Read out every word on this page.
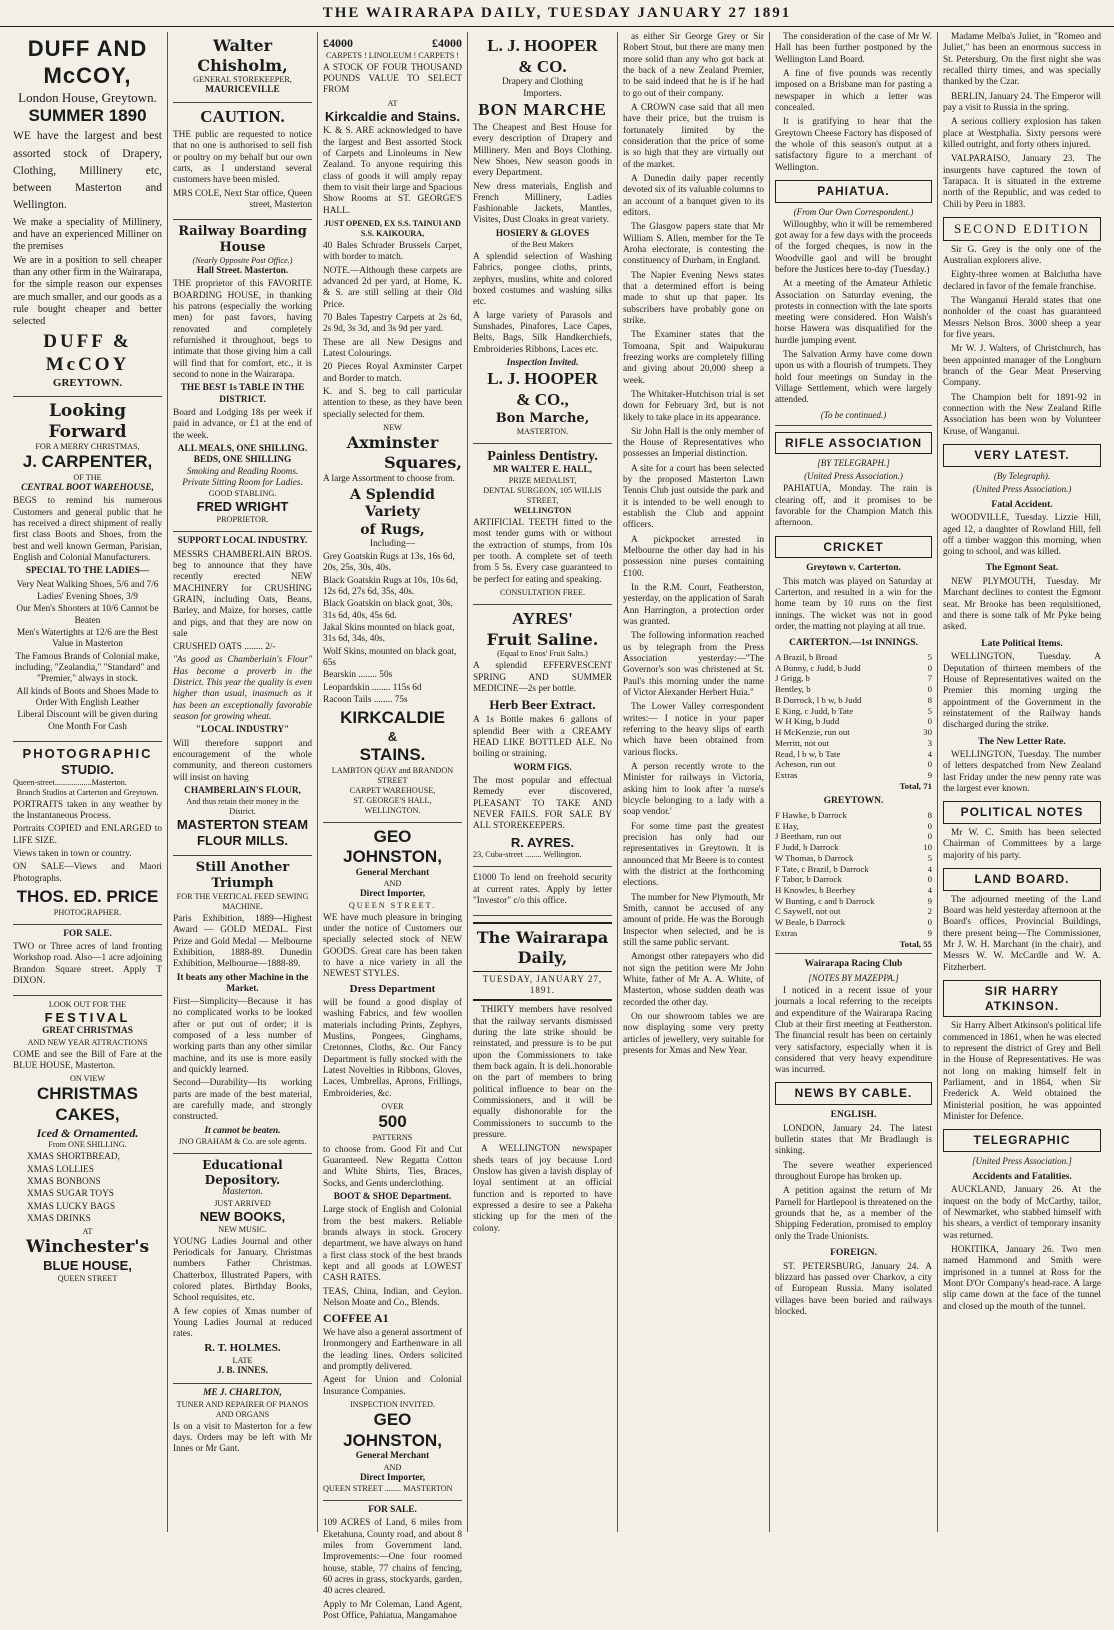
THE WAIRARAPA DAILY, TUESDAY JANUARY 27 1891
DUFF AND McCOY,
London House, Greytown.
SUMMER 1890

WE have the largest and best assorted stock of Drapery, Clothing, Millinery etc, between Masterton and Wellington.

We make a speciality of Millinery, and have an experienced Milliner on the premises

We are in a position to sell cheaper than any other firm in the Wairarapa, for the simple reason our expenses are much smaller, and our goods as a rule bought cheaper and better selected

DUFF & McCOY
GREYTOWN.
Looking Forward
FOR A MERRY CHRISTMAS,
J. CARPENTER,
OF THE
CENTRAL BOOT WAREHOUSE,

BEGS to remind his numerous Customers and general public that he has received a direct shipment of really first class Boots and Shoes, from the best and well known German, Parisian, English and Colonial Manufacturers.

SPECIAL TO THE LADIES—
Very Neat Walking Shoes, 5/6 and 7/6
Ladies' Evening Shoes, 3/9
Our Men's Shooters at 10/6 Cannot be Beaten
Men's Watertights at 12/6 are the Best Value in Masterton
The Famous Brands of Colonial make, including, "Zealandia," "Standard" and "Premier," always in stock.
All kinds of Boots and Shoes Made to Order With English Leather
Liberal Discount will be given during One Month For Cash
PHOTOGRAPHIC
STUDIO.
Queen-street..................Masterton.
Branch Studios at Carterton and Greytown.

PORTRAITS taken in any weather by the Instantaneous Process.

Portraits COPIED and ENLARGED to LIFE SIZE.

Views taken in town or country.

ON SALE—Views and Maori Photographs.

THOS. ED. PRICE
PHOTOGRAPHER.
FOR SALE.

TWO or Three acres of land fronting Workshop road. Also—1 acre adjoining Brandon Square street. Apply T DIXON.

LOOK OUT FOR THE
FESTIVAL
GREAT CHRISTMAS
AND NEW YEAR ATTRACTIONS

COME and see the Bill of Fare at the BLUE HOUSE, Masterton.

ON VIEW
CHRISTMAS
CAKES,
Iced & Ornamented.
From ONE SHILLING.
XMAS SHORTBREAD,
XMAS LOLLIES
XMAS BONBONS
XMAS SUGAR TOYS
XMAS LUCKY BAGS
XMAS DRINKS
AT
Winchester's
BLUE HOUSE,
QUEEN STREET
Walter Chisholm,
GENERAL STOREKEEPER,
MAURICEVILLE
CAUTION.

THE public are requested to notice that no one is authorised to sell fish or poultry on my behalf but our own carts, as I understand several customers have been misled.

MRS COLE, Next Star office, Queen street, Masterton

Railway Boarding House
(Nearly Opposite Post Office.)
Hall Street. Masterton.

THE proprietor of this FAVORITE BOARDING HOUSE, in thanking his patrons (especially the working men) for past favors, having renovated and completely refurnished it throughout, begs to intimate that those giving him a call will find that for comfort, etc., it is second to none in the Wairarapa.

THE BEST 1s TABLE IN THE DISTRICT.

Board and Lodging 18s per week if paid in advance, or £1 at the end of the week.

ALL MEALS, ONE SHILLING. BEDS, ONE SHILLING
Smoking and Reading Rooms. Private Sitting Room for Ladies.
GOOD STABLING.
FRED WRIGHT
PROPRIETOR.
SUPPORT LOCAL INDUSTRY.

MESSRS CHAMBERLAIN BROS. beg to announce that they have recently erected NEW MACHINERY for CRUSHING GRAIN, including Oats, Beans, Barley, and Maize, for horses, cattle and pigs, and that they are now on sale

CRUSHED OATS ........ 2/-

"As good as Chamberlain's Flour" Has become a proverb in the District. This year the quality is even higher than usual, inasmuch as it has been an exceptionally favorable season for growing wheat.

"LOCAL INDUSTRY"

Will therefore support and encouragement of the whole community, and thereon customers will insist on having

CHAMBERLAIN'S FLOUR,
And thus retain their money in the District.
MASTERTON STEAM
FLOUR MILLS.
Still Another Triumph
FOR THE VERTICAL FEED SEWING MACHINE.

Paris Exhibition, 1889—Highest Award — GOLD MEDAL. First Prize and Gold Medal — Melbourne Exhibition, 1888-89. Dunedin Exhibition, Melbourne—1888-89.

It beats any other Machine in the Market.

First—Simplicity—Because it has no complicated works to be looked after or put out of order; it is composed of a less number of working parts than any other similar machine, and its use is more easily and quickly learned.

Second—Durability—Its working parts are made of the best material, are carefully made, and strongly constructed.

It cannot be beaten.
JNO GRAHAM & Co. are sole agents.
Educational Depository.
Masterton.
JUST ARRIVED
NEW BOOKS,
NEW MUSIC.

YOUNG Ladies Journal and other Periodicals for January. Christmas numbers Father Christmas. Chatterbox, Illustrated Papers, with colored plates. Birthday Books, School requisites, etc.

A few copies of Xmas number of Young Ladies Journal at reduced rates.

R. T. HOLMES.
LATE
J. B. INNES.
ME J. CHARLTON,
TUNER AND REPAIRER OF PIANOS AND ORGANS

Is on a visit to Masterton for a few days. Orders may be left with Mr Innes or Mr Gant.

£4000	£4000
CARPETS ! LINOLEUM ! CARPETS !

A STOCK OF FOUR THOUSAND POUNDS VALUE TO SELECT FROM

AT
Kirkcaldie and Stains.

K. & S. ARE acknowledged to have the largest and Best assorted Stock of Carpets and Linoleums in New Zealand. To anyone requiring this class of goods it will amply repay them to visit their large and Spacious Show Rooms at ST. GEORGE'S HALL.

JUST OPENED, EX S.S. TAINUI AND S.S. KAIKOURA,

40 Bales Schrader Brussels Carpet, with border to match.

NOTE.—Although these carpets are advanced 2d per yard, at Home, K. & S. are still selling at their Old Price.

70 Bales Tapestry Carpets at 2s 6d, 2s 9d, 3s 3d, and 3s 9d per yard.

These are all New Designs and Latest Colourings.

20 Pieces Royal Axminster Carpet and Border to match.

K. and S. beg to call particular attention to these, as they have been specially selected for them.

NEW
Axminster
Squares,

A large Assortment to choose from.

A Splendid Variety
of Rugs,
Including—
Grey Goatskin Rugs at 13s, 16s 6d, 20s, 25s, 30s, 40s.
Black Goatskin Rugs at 10s, 10s 6d, 12s 6d, 27s 6d, 35s, 40s.
Black Goatskin on black goat, 30s, 31s 6d, 40s, 45s 6d.
Jakal Skins mounted on black goat, 31s 6d, 34s, 40s.
Wolf Skins, mounted on black goat, 65s
Bearskin ........ 50s
Leopardskin ........ 115s 6d
Racoon Tails ........ 75s
KIRKCALDIE
&
STAINS.
LAMBTON QUAY and BRANDON STREET
CARPET WAREHOUSE,
ST. GEORGE'S HALL,
WELLINGTON.
GEO JOHNSTON,
General Merchant
AND
Direct Importer,
QUEEN STREET.

WE have much pleasure in bringing under the notice of Customers our specially selected stock of NEW GOODS. Great care has been taken to have a nice variety in all the NEWEST STYLES.

Dress Department

will be found a good display of washing Fabrics, and few woollen materials including Prints, Zephyrs, Muslins, Pongees, Ginghams, Cretonnes, Cloths, &c. Our Fancy Department is fully stocked with the Latest Novelties in Ribbons, Gloves, Laces, Umbrellas, Aprons, Frillings, Embroideries, &c.

OVER
500
PATTERNS

to choose from. Good Fit and Cut Guaranteed. New Regatta Cotton and White Shirts, Ties, Braces, Socks, and Gents underclothing.

BOOT & SHOE Department.

Large stock of English and Colonial from the best makers. Reliable brands always in stock. Grocery department, we have always on hand a first class stock of the best brands kept and all goods at LOWEST CASH RATES.

TEAS, China, Indian, and Ceylon. Nelson Moate and Co., Blends.

COFFEE A1

We have also a general assortment of Ironmongery and Earthenware in all the leading lines. Orders solicited and promptly delivered.

Agent for Union and Colonial Insurance Companies.

INSPECTION INVITED.
GEO JOHNSTON,
General Merchant
AND
Direct Importer,
QUEEN STREET ........ MASTERTON
FOR SALE.

109 ACRES of Land, 6 miles from Eketahuna, County road, and about 8 miles from Government land. Improvements:—One four roomed house, stable, 77 chains of fencing, 60 acres in grass, stockyards, garden, 40 acres cleared.

Apply to Mr Coleman, Land Agent, Post Office, Pahiatua, Mangamahoe

L. J. HOOPER
& CO.
Drapery and Clothing
Importers.
BON MARCHE

The Cheapest and Best House for every description of Drapery and Millinery. Men and Boys Clothing. New Shoes, New season goods in every Department.

New dress materials, English and French Millinery, Ladies Fashionable Jackets, Mantles, Visites, Dust Cloaks in great variety.

HOSIERY & GLOVES
of the Best Makers

A splendid selection of Washing Fabrics, pongee cloths, prints, zephyrs, muslins, white and colored boxed costumes and washing silks etc.

A large variety of Parasols and Sunshades, Pinafores, Lace Capes, Belts, Bags, Silk Handkerchiefs, Embroideries Ribbons, Laces etc.

Inspection Invited.
L. J. HOOPER
& CO.,
Bon Marche,
MASTERTON.
Painless Dentistry.
MR WALTER E. HALL,
PRIZE MEDALIST,
DENTAL SURGEON, 105 WILLIS STREET,
WELLINGTON

ARTIFICIAL TEETH fitted to the most tender gums with or without the extraction of stumps, from 10s per tooth. A complete set of teeth from 5 5s. Every case guaranteed to be perfect for eating and speaking.

CONSULTATION FREE.
AYRES'
Fruit Saline.
(Equal to Enos' Fruit Salts.)

A splendid EFFERVESCENT SPRING AND SUMMER MEDICINE—2s per bottle.

Herb Beer Extract.

A 1s Bottle makes 6 gallons of splendid Beer with a CREAMY HEAD LIKE BOTTLED ALE. No boiling or straining.

WORM FIGS.

The most popular and effectual Remedy ever discovered, PLEASANT TO TAKE AND NEVER FAILS. FOR SALE BY ALL STOREKEEPERS.

R. AYRES.
23, Cuba-street ........ Wellington.

£1000 To lend on freehold security at current rates. Apply by letter "Investor" c/o this office.

The Wairarapa Daily,
TUESDAY, JANUARY 27, 1891.

THIRTY members have resolved that the railway servants dismissed during the late strike should be reinstated, and pressure is to be put upon the Commissioners to take them back again. It is deli..honorable on the part of members to bring political influence to bear on the Commissioners, and it will be equally dishonorable for the Commissioners to succumb to the pressure.

A WELLINGTON newspaper sheds tears of joy because Lord Onslow has given a lavish display of loyal sentiment at an official function and is reported to have expressed a desire to see a Pakeha sticking up for the men of the colony.

as either Sir George Grey or Sir Robert Stout, but there are many men more solid than any who got back at the back of a new Zealand Premier, to be said indeed that he is if he had to go out of their company.

A CROWN case said that all men have their price, but the truism is fortunately limited by the consideration that the price of some is so high that they are virtually out of the market.

A Dunedin daily paper recently devoted six of its valuable columns to an account of a banquet given to its editors.

The Glasgow papers state that Mr William S. Allen, member for the Te Aroha electorate, is contesting the constituency of Durham, in England.

The Napier Evening News states that a determined effort is being made to shut up that paper. Its subscribers have probably gone on strike.

The Examiner states that the Tomoana, Spit and Waipukurau freezing works are completely filling and giving about 20,000 sheep a week.

The Whitaker-Hutchison trial is set down for February 3rd, but is not likely to take place in its appearance.

Sir John Hall is the only member of the House of Representatives who possesses an Imperial distinction.

A site for a court has been selected by the proposed Masterton Lawn Tennis Club just outside the park and it is intended to be well enough to establish the Club and appoint officers.

A pickpocket arrested in Melbourne the other day had in his possession nine purses containing £100.

In the R.M. Court, Featherston, yesterday, on the application of Sarah Ann Harrington, a protection order was granted.

The following information reached us by telegraph from the Press Association yesterday:—"The Governor's son was christened at St. Paul's this morning under the name of Victor Alexander Herbert Huia."

The Lower Valley correspondent writes:— I notice in your paper referring to the heavy slips of earth which have been obtained from various flocks.

A person recently wrote to the Minister for railways in Victoria, asking him to look after 'a nurse's bicycle belonging to a lady with a soap vendor.'

For some time past the greatest precision has only had our representatives in Greytown. It is announced that Mr Beere is to contest with the district at the forthcoming elections.

The number for New Plymouth, Mr Smith, cannot be accused of any amount of pride. He was the Borough Inspector when selected, and he is still the same public servant.

Amongst other ratepayers who did not sign the petition were Mr John White, father of Mr A. A. White, of Masterton, whose sudden death was recorded the other day.

On our showroom tables we are now displaying some very pretty articles of jewellery, very suitable for presents for Xmas and New Year.

The consideration of the case of Mr W. Hall has been further postponed by the Wellington Land Board.

A fine of five pounds was recently imposed on a Brisbane man for pasting a newspaper in which a letter was concealed.

It is gratifying to hear that the Greytown Cheese Factory has disposed of the whole of this season's output at a satisfactory figure to a merchant of Wellington.

PAHIATUA.
(From Our Own Correspondent.)

Willoughby, who it will be remembered got away for a few days with the proceeds of the forged cheques, is now in the Woodville gaol and will be brought before the Justices here to-day (Tuesday.)

At a meeting of the Amateur Athletic Association on Saturday evening, the protests in connection with the late sports meeting were considered. Hon Walsh's horse Hawera was disqualified for the hurdle jumping event.

The Salvation Army have come down upon us with a flourish of trumpets. They hold four meetings on Sunday in the Village Settlement, which were largely attended.

(To be continued.)
RIFLE ASSOCIATION
[BY TELEGRAPH.]
(United Press Association.)

PAHIATUA, Monday. The rain is clearing off, and it promises to be favorable for the Champion Match this afternoon.

CRICKET
Greytown v. Carterton.

This match was played on Saturday at Carterton, and resulted in a win for the home team by 10 runs on the first innings. The wicket was not in good order, the matting not playing at all true.

CARTERTON.—1st INNINGS.
A Brazil, b Broad	5
A Bunny, c Judd, b Judd	0
J Grigg, b	7
Bentley, b	0
B Dorrock, l b w, b Judd	8
E King, c Judd, b Tate	5
W H King, b Judd	0
H McKenzie, run out	30
Merritt, not out	3
Read, l b w, b Tate	4
Acheson, run out	0
Extras	9
Total, 71
GREYTOWN.
F Hawke, b Darrock	8
E Hay,	0
J Beetham, run out	0
F Judd, b Darrock	10
W Thomas, b Darrock	5
F Tate, c Brazil, b Darrock	4
F Tabor, b Darrock	0
H Knowles, b Beerbey	4
W Bunting, c and b Darrock	9
C Saywell, not out	2
W Beale, b Darrock	0
Extras	9
Total, 55
Wairarapa Racing Club
[NOTES BY MAZEPPA.]

I noticed in a recent issue of your journals a local referring to the receipts and expenditure of the Wairarapa Racing Club at their first meeting at Featherston. The financial result has been on certainly very satisfactory, especially when it is considered that very heavy expenditure was incurred.

NEWS BY CABLE.
ENGLISH.

LONDON, January 24. The latest bulletin states that Mr Bradlaugh is sinking.

The severe weather experienced throughout Europe has broken up.

A petition against the return of Mr Parnell for Hartlepool is threatened on the grounds that he, as a member of the Shipping Federation, promised to employ only the Trade Unionists.

FOREIGN.

ST. PETERSBURG, January 24. A blizzard has passed over Charkov, a city of European Russia. Many isolated villages have been buried and railways blocked.

Madame Melba's Juliet, in "Romeo and Juliet," has been an enormous success in St. Petersburg. On the first night she was recalled thirty times, and was specially thanked by the Czar.

BERLIN, January 24. The Emperor will pay a visit to Russia in the spring.

A serious colliery explosion has taken place at Westphalia. Sixty persons were killed outright, and forty others injured.

VALPARAISO, January 23. The insurgents have captured the town of Tarapaca. It is situated in the extreme north of the Republic, and was ceded to Chili by Peru in 1883.

SECOND EDITION

Sir G. Grey is the only one of the Australian explorers alive.

Eighty-three women at Balclutha have declared in favor of the female franchise.

The Wanganui Herald states that one nonholder of the coast has guaranteed Messrs Nelson Bros. 3000 sheep a year for five years.

Mr W. J. Walters, of Christchurch, has been appointed manager of the Longburn branch of the Gear Meat Preserving Company.

The Champion belt for 1891-92 in connection with the New Zealand Rifle Association has been won by Volunteer Kruse, of Wanganui.

VERY LATEST.
(By Telegraph).
(United Press Association.)
Fatal Accident.

WOODVILLE, Tuesday. Lizzie Hill, aged 12, a daughter of Rowland Hill, fell off a timber waggon this morning, when going to school, and was killed.

The Egmont Seat.

NEW PLYMOUTH, Tuesday. Mr Marchant declines to contest the Egmont seat. Mr Brooke has been requisitioned, and there is some talk of Mr Pyke being asked.

Late Political Items.

WELLINGTON, Tuesday. A Deputation of thirteen members of the House of Representatives waited on the Premier this morning urging the appointment of the Government in the reinstatement of the Railway hands discharged during the strike.

The New Letter Rate.

WELLINGTON, Tuesday. The number of letters despatched from New Zealand last Friday under the new penny rate was the largest ever known.

POLITICAL NOTES

Mr W. C. Smith has been selected Chairman of Committees by a large majority of his party.

LAND BOARD.

The adjourned meeting of the Land Board was held yesterday afternoon at the Board's offices, Provincial Buildings, there present being—The Commissioner, Mr J. W. H. Marchant (in the chair), and Messrs W. W. McCardle and W. A. Fitzherbert.

SIR HARRY ATKINSON.

Sir Harry Albert Atkinson's political life commenced in 1861, when he was elected to represent the district of Grey and Bell in the House of Representatives. He was not long on making himself felt in Parliament, and in 1864, when Sir Frederick A. Weld obtained the Ministerial position, he was appointed Minister for Defence.

TELEGRAPHIC
[United Press Association.]
Accidents and Fatalities.

AUCKLAND, January 26. At the inquest on the body of McCarthy, tailor, of Newmarket, who stabbed himself with his shears, a verdict of temporary insanity was returned.

HOKITIKA, January 26. Two men named Hammond and Smith were imprisoned in a tunnel at Ross for the Mont D'Or Company's head-race. A large slip came down at the face of the tunnel and closed up the mouth of the tunnel.
